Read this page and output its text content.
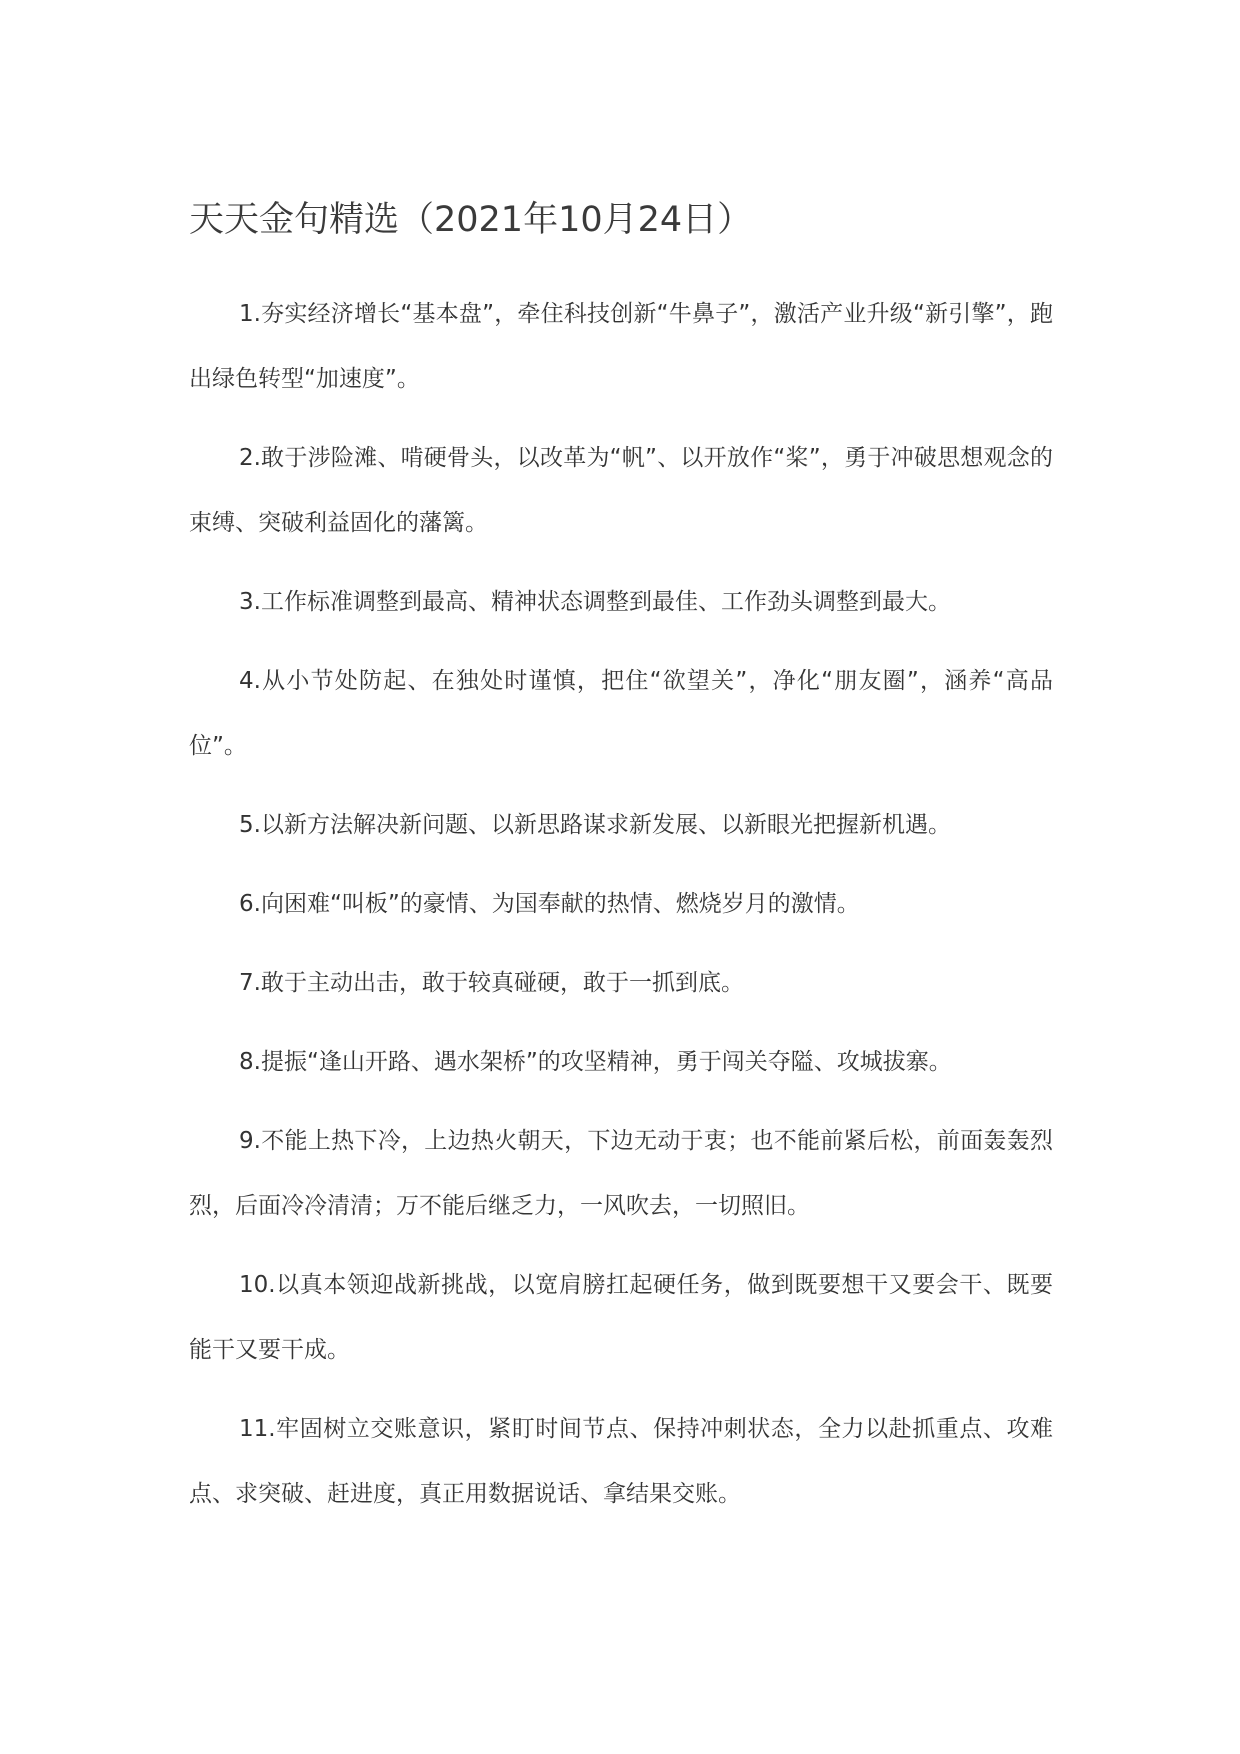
天天金句精选（2021年10月24日）

1.夯实经济增长“基本盘”，牵住科技创新“牛鼻子”，激活产业升级“新引擎”，跑出绿色转型“加速度”。

2.敢于涉险滩、啃硬骨头，以改革为“帆”、以开放作“桨”，勇于冲破思想观念的束缚、突破利益固化的藩篱。

3.工作标准调整到最高、精神状态调整到最佳、工作劲头调整到最大。

4.从小节处防起、在独处时谨慎，把住“欲望关”，净化“朋友圈”，涵养“高品位”。

5.以新方法解决新问题、以新思路谋求新发展、以新眼光把握新机遇。

6.向困难“叫板”的豪情、为国奉献的热情、燃烧岁月的激情。

7.敢于主动出击，敢于较真碰硬，敢于一抓到底。

8.提振“逢山开路、遇水架桥”的攻坚精神，勇于闯关夺隘、攻城拔寨。

9.不能上热下冷，上边热火朝天，下边无动于衷；也不能前紧后松，前面轰轰烈烈，后面冷冷清清；万不能后继乏力，一风吹去，一切照旧。

10.以真本领迎战新挑战，以宽肩膀扛起硬任务，做到既要想干又要会干、既要能干又要干成。

11.牢固树立交账意识，紧盯时间节点、保持冲刺状态，全力以赴抓重点、攻难点、求突破、赶进度，真正用数据说话、拿结果交账。
